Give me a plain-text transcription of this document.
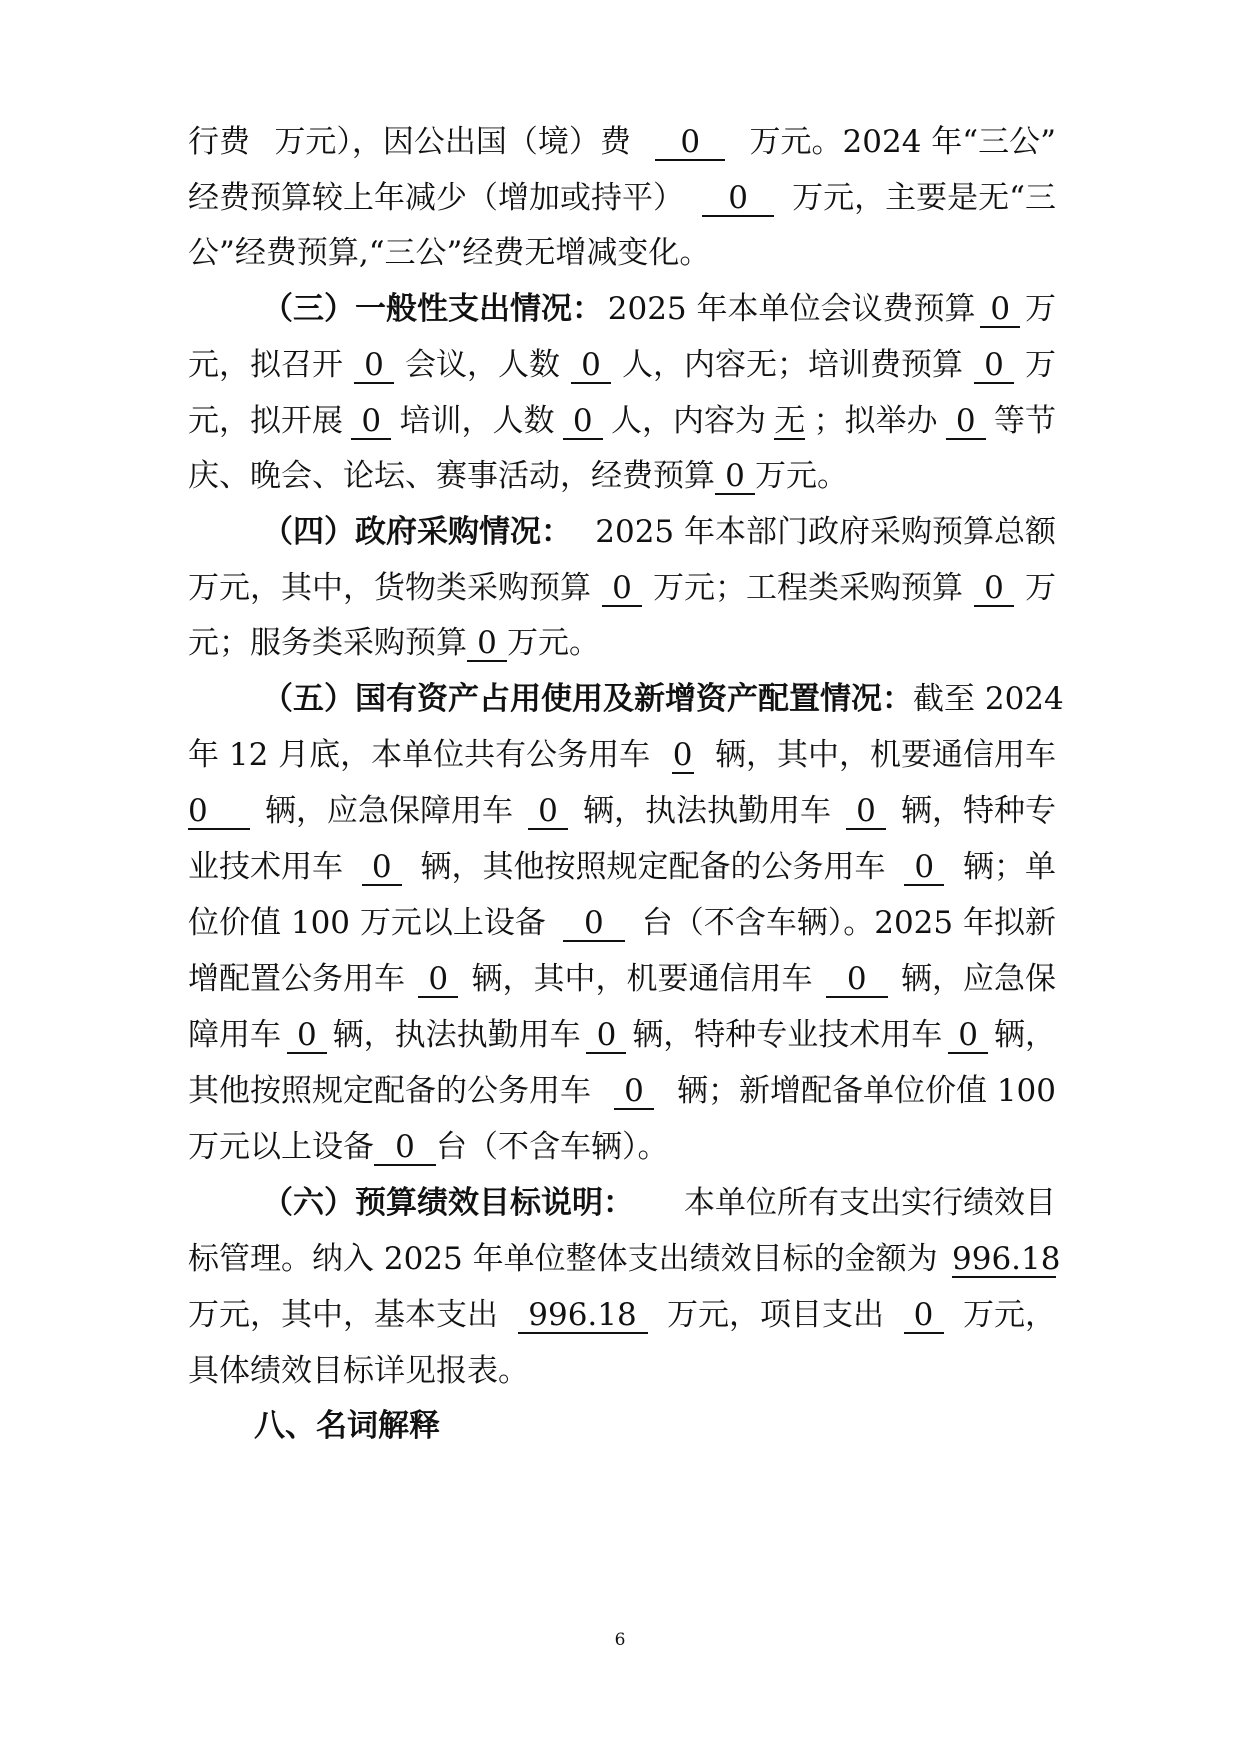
行费 万元），因公出国（境）费	0	万元。2024 年“三公”
经费预算较上年减少（增加或持平）	0	万元，主要是无“三
公”经费预算,“三公”经费无增减变化。
（三）一般性支出情况： 2025 年本单位会议费预算 0 万
元，拟召开 0 会议，人数 0 人，内容无；培训费预算 0 万
元，拟开展 0 培训，人数 0 人，内容为 无 ；拟举办 0 等节
庆、晚会、论坛、赛事活动，经费预算 0 万元。
（四）政府采购情况： 2025 年本部门政府采购预算总额
万元，其中，货物类采购预算 0 万元；工程类采购预算 0 万
元；服务类采购预算 0 万元。
（五）国有资产占用使用及新增资产配置情况： 截至 2024
年 12 月底，本单位共有公务用车 0 辆，其中，机要通信用车
0	辆，应急保障用车 0 辆，执法执勤用车 0 辆，特种专
业技术用车 0 辆，其他按照规定配备的公务用车 0 辆；单
位价值 100 万元以上设备	0	台（不含车辆）。2025 年拟新
增配置公务用车 0 辆，其中，机要通信用车	0	辆，应急保
障用车 0 辆，执法执勤用车 0 辆，特种专业技术用车 0 辆，
其他按照规定配备的公务用车	0	辆；新增配备单位价值 100
万元以上设备 0 台（不含车辆）。
（六）预算绩效目标说明： 本单位所有支出实行绩效目
标管理。纳入 2025 年单位整体支出绩效目标的金额为 996.18
万元，其中，基本支出 996.18 万元，项目支出 0 万元，
具体绩效目标详见报表。
八、名词解释
6
